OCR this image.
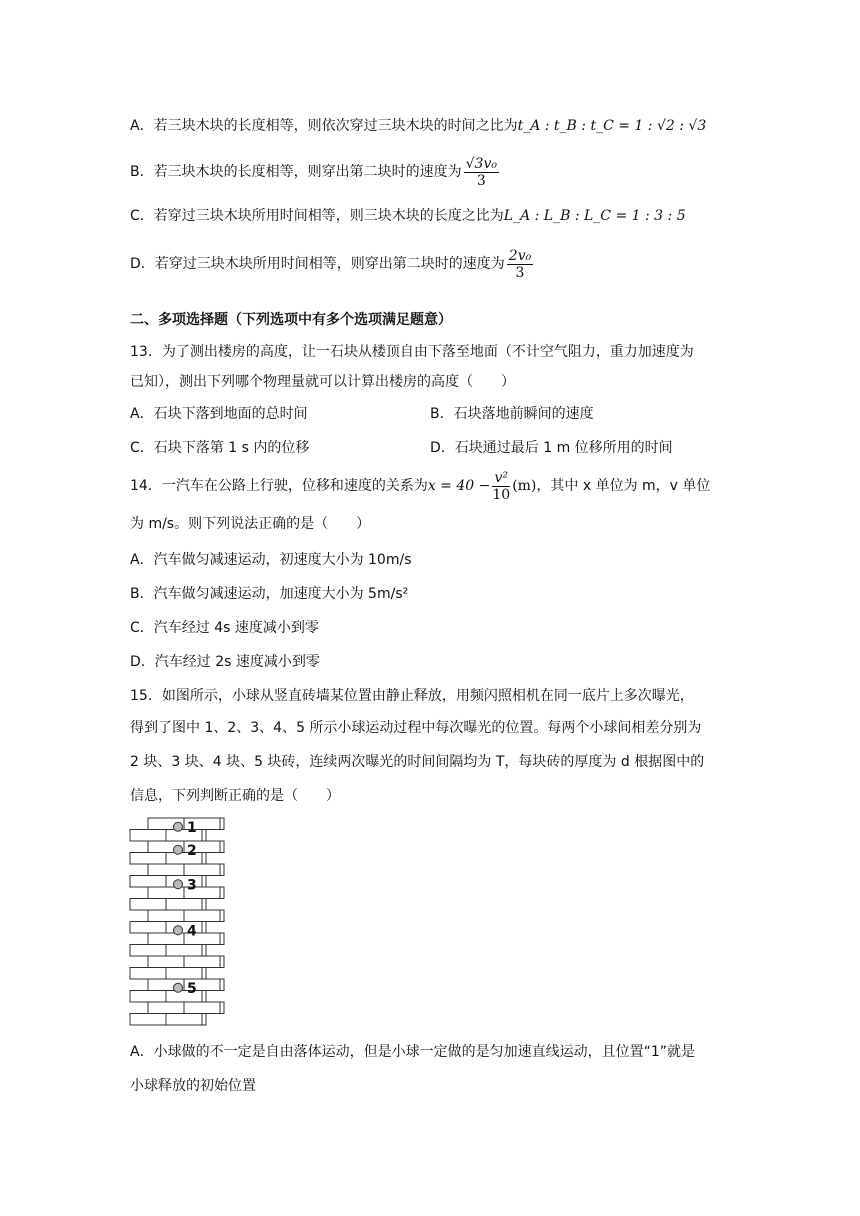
A．若三块木块的长度相等，则依次穿过三块木块的时间之比为t_A : t_B : t_C = 1 : √2 : √3
B．若三块木块的长度相等，则穿出第二块时的速度为 $\frac{\text{√3v₀}}{3}$
C．若穿过三块木块所用时间相等，则三块木块的长度之比为L_A : L_B : L_C = 1 : 3 : 5
D．若穿过三块木块所用时间相等，则穿出第二块时的速度为 $\frac{\text{2v₀}}{3}$
二、多项选择题（下列选项中有多个选项满足题意）
13．为了测出楼房的高度，让一石块从楼顶自由下落至地面（不计空气阻力，重力加速度为
已知），测出下列哪个物理量就可以计算出楼房的高度（　　）
A．石块下落到地面的总时间	B．石块落地前瞬间的速度
C．石块下落第 1 s 内的位移	D．石块通过最后 1 m 位移所用的时间
14．一汽车在公路上行驶，位移和速度的关系为$x = 40 - \frac{\text{v²}}{10} (m)$，其中 x 单位为 m，v 单位
为 m/s。则下列说法正确的是（　　）
A．汽车做匀减速运动，初速度大小为 10m/s
B．汽车做匀减速运动，加速度大小为 5m/s²
C．汽车经过 4s 速度减小到零
D．汽车经过 2s 速度减小到零
15．如图所示，小球从竖直砖墙某位置由静止释放，用频闪照相机在同一底片上多次曝光，
得到了图中 1、2、3、4、5 所示小球运动过程中每次曝光的位置。每两个小球间相差分别为
2 块、3 块、4 块、5 块砖，连续两次曝光的时间间隔均为 T，每块砖的厚度为 d 根据图中的
信息，下列判断正确的是（　　）
1
2
3
4
5
A．小球做的不一定是自由落体运动，但是小球一定做的是匀加速直线运动，且位置“1”就是
小球释放的初始位置
